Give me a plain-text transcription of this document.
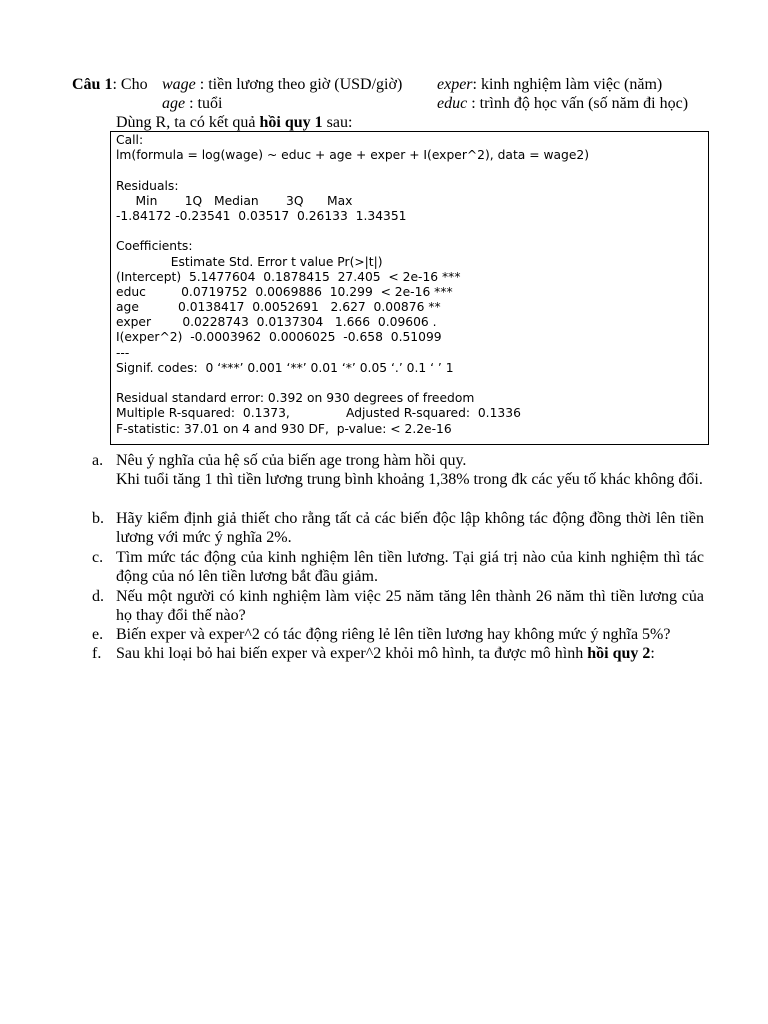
Câu 1: Cho wage : tiền lương theo giờ (USD/giờ) exper: kinh nghiệm làm việc (năm)
age : tuổi	educ : trình độ học vấn (số năm đi học)
Dùng R, ta có kết quả hồi quy 1 sau:
Call:
lm(formula = log(wage) ~ educ + age + exper + I(exper^2), data = wage2)
Residuals:
Min       1Q   Median       3Q      Max
-1.84172 -0.23541  0.03517  0.26133  1.34351
Coefficients:
Estimate Std. Error t value Pr(>|t|)
(Intercept)  5.1477604  0.1878415  27.405  < 2e-16 ***
educ         0.0719752  0.0069886  10.299  < 2e-16 ***
age          0.0138417  0.0052691   2.627  0.00876 **
exper        0.0228743  0.0137304   1.666  0.09606 .
I(exper^2)  -0.0003962  0.0006025  -0.658  0.51099
---
Signif. codes:  0 ‘***’ 0.001 ‘**’ 0.01 ‘*’ 0.05 ‘.’ 0.1 ‘ ’ 1
Residual standard error: 0.392 on 930 degrees of freedom
Multiple R-squared:  0.1373,	Adjusted R-squared:  0.1336
F-statistic: 37.01 on 4 and 930 DF,  p-value: < 2.2e-16
a. Nêu ý nghĩa của hệ số của biến age trong hàm hồi quy.
Khi tuổi tăng 1 thì tiền lương trung bình khoảng 1,38% trong đk các yếu tố khác không đổi.
b. Hãy kiểm định giả thiết cho rằng tất cả các biến độc lập không tác động đồng thời lên tiền lương với mức ý nghĩa 2%.
c. Tìm mức tác động của kinh nghiệm lên tiền lương. Tại giá trị nào của kinh nghiệm thì tác động của nó lên tiền lương bắt đầu giảm.
d. Nếu một người có kinh nghiệm làm việc 25 năm tăng lên thành 26 năm thì tiền lương của họ thay đổi thế nào?
e. Biến exper và exper^2 có tác động riêng lẻ lên tiền lương hay không mức ý nghĩa 5%?
f. Sau khi loại bỏ hai biến exper và exper^2 khỏi mô hình, ta được mô hình hồi quy 2:
